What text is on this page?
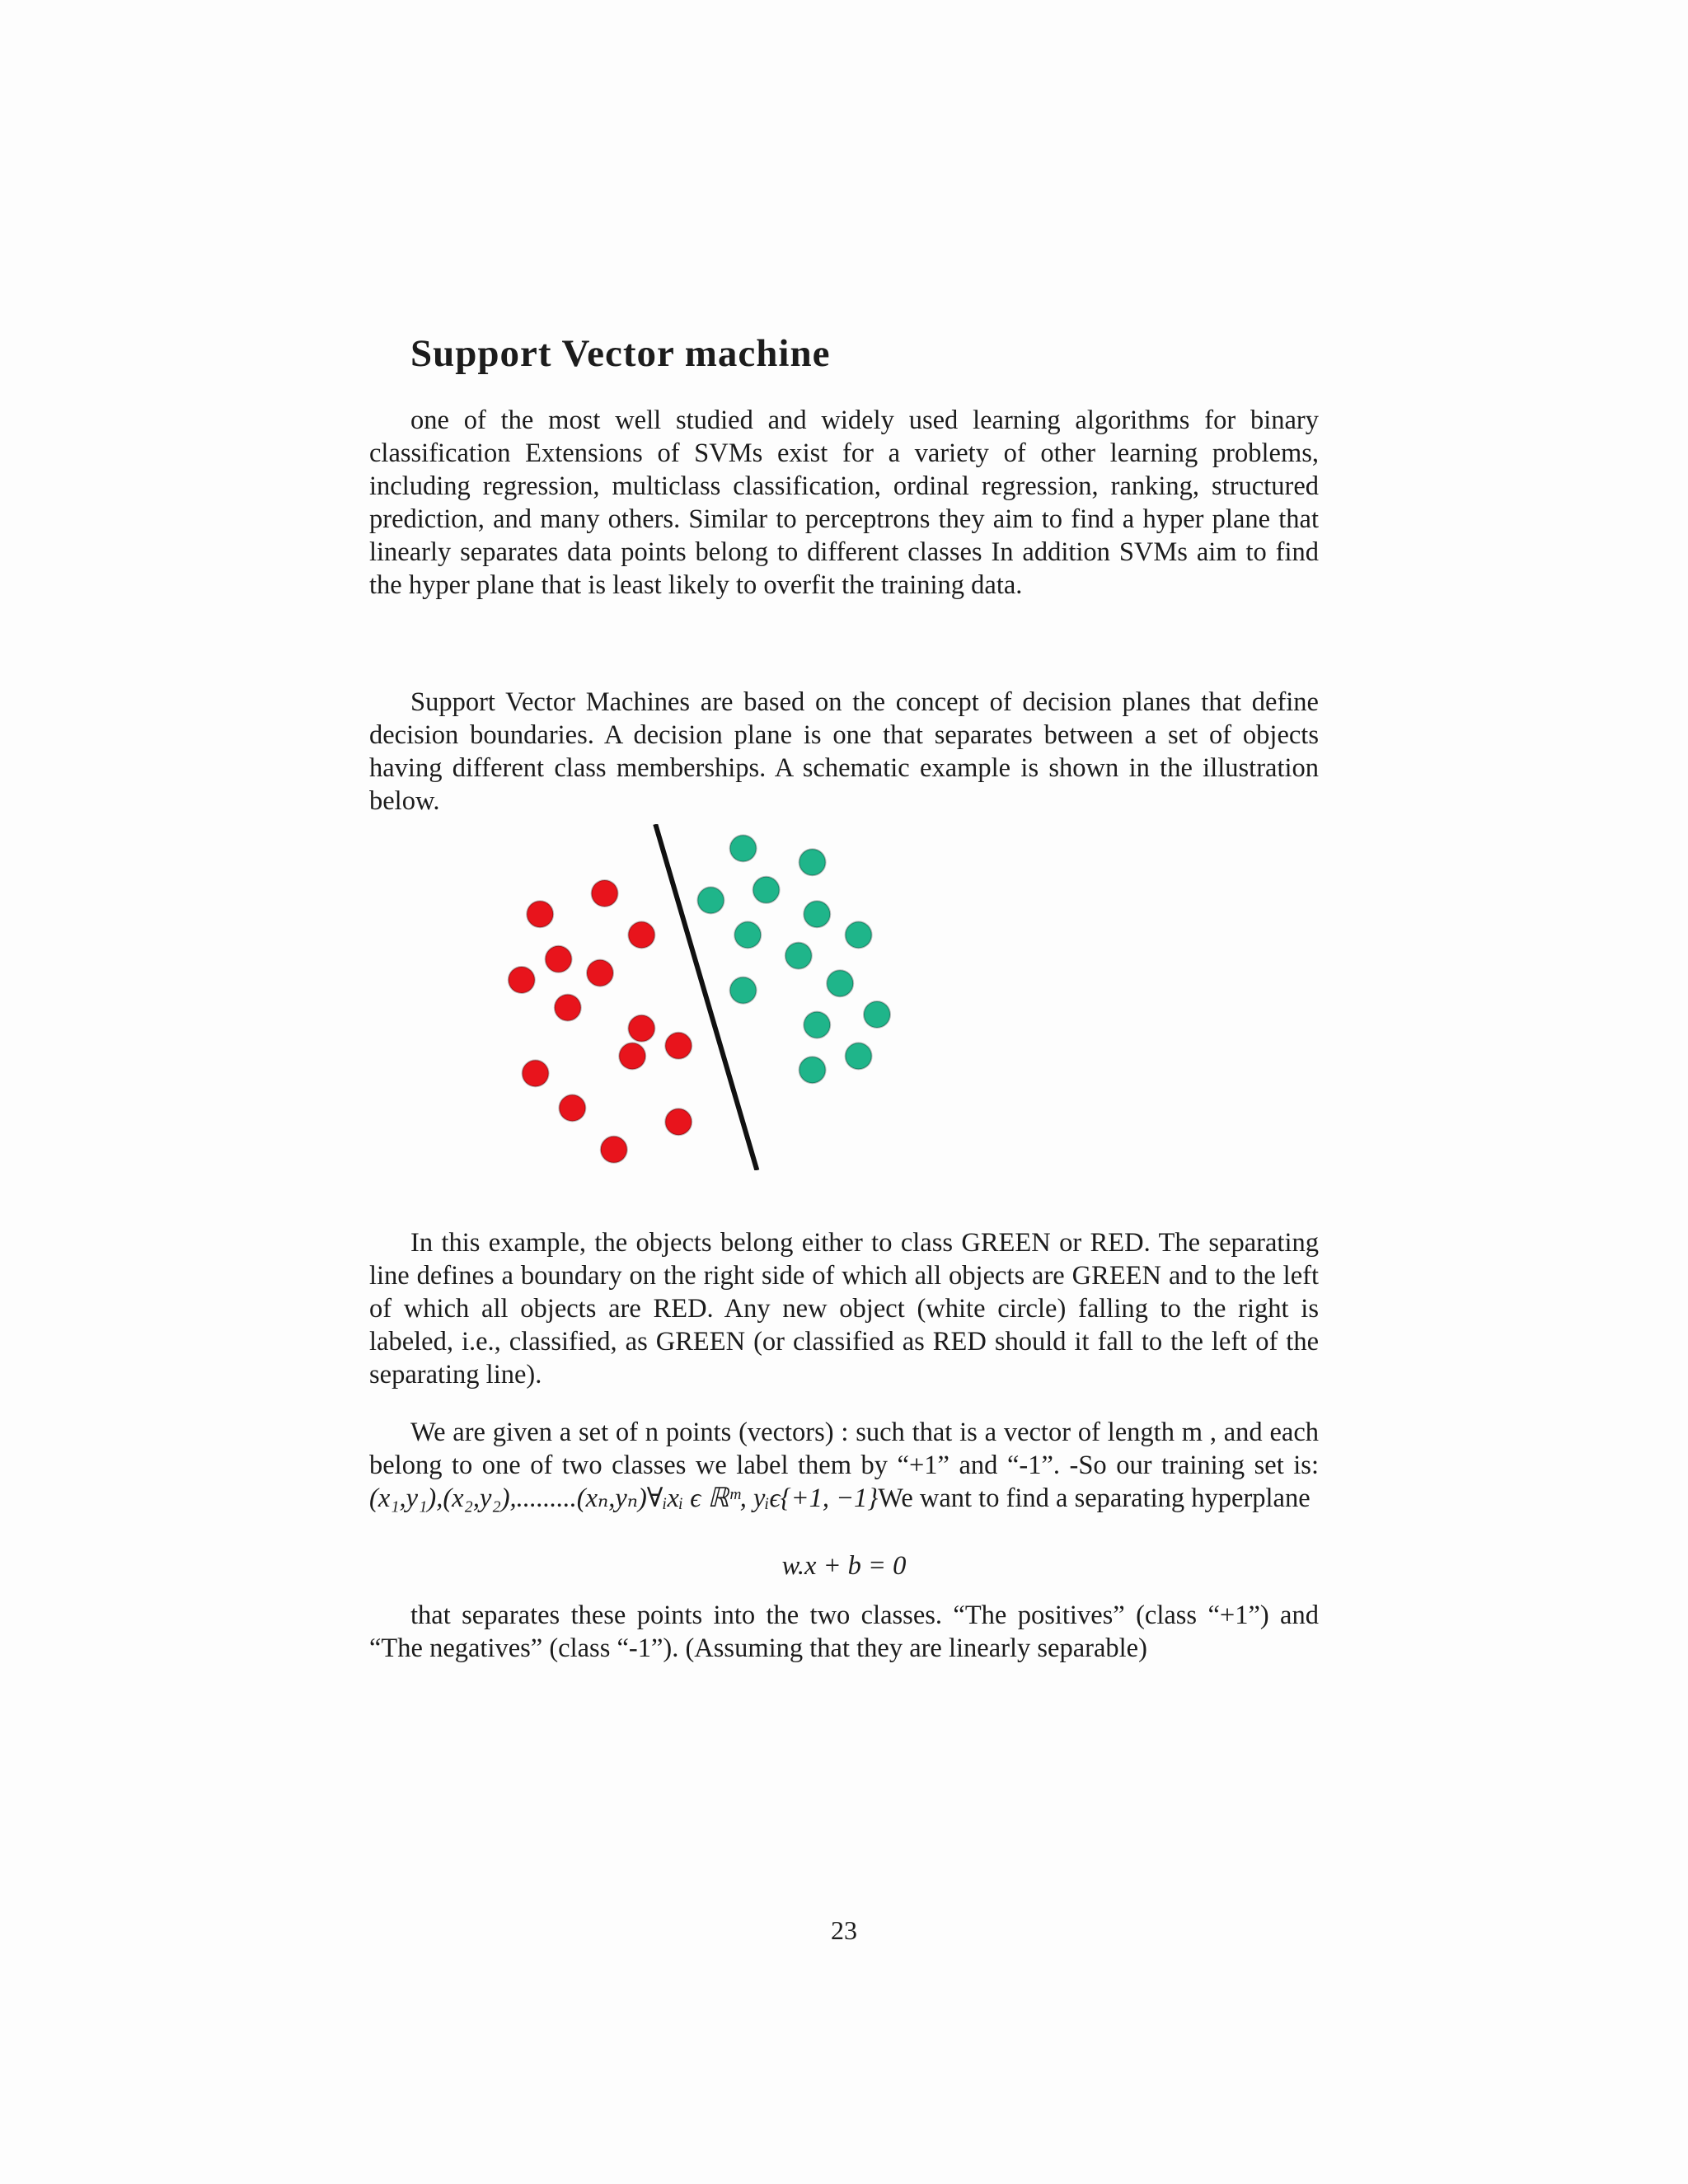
Support Vector machine

one of the most well studied and widely used learning algorithms for binary classification Extensions of SVMs exist for a variety of other learning problems, including regression, multiclass classification, ordinal regression, ranking, structured prediction, and many others. Similar to perceptrons they aim to find a hyper plane that linearly separates data points belong to different classes In addition SVMs aim to find the hyper plane that is least likely to overfit the training data.

Support Vector Machines are based on the concept of decision planes that define decision boundaries. A decision plane is one that separates between a set of objects having different class memberships. A schematic example is shown in the illustration below.

In this example, the objects belong either to class GREEN or RED. The separating line defines a boundary on the right side of which all objects are GREEN and to the left of which all objects are RED. Any new object (white circle) falling to the right is labeled, i.e., classified, as GREEN (or classified as RED should it fall to the left of the separating line).

We are given a set of n points (vectors) : such that is a vector of length m , and each belong to one of two classes we label them by “+1” and “-1”. -So our training set is: (x₁,y₁),(x₂,y₂),.........(xₙ,yₙ)∀ᵢxᵢ ϵ ℝᵐ, yᵢϵ{+1, −1}We want to find a separating hyperplane

w.x + b = 0

that separates these points into the two classes. “The positives” (class “+1”) and “The negatives” (class “-1”). (Assuming that they are linearly separable)

23
